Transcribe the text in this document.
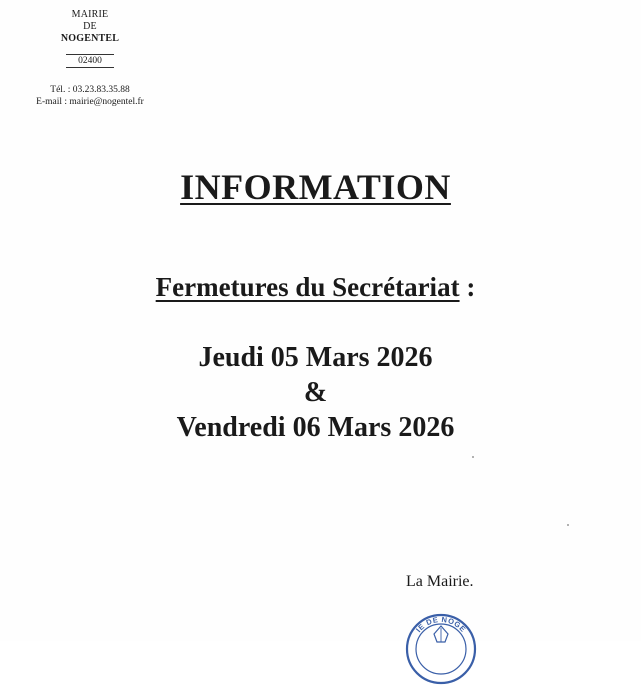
MAIRIE
DE
NOGENTEL
02400
Tél. : 03.23.83.35.88
E-mail : mairie@nogentel.fr
INFORMATION
Fermetures du Secrétariat :
Jeudi 05 Mars 2026
&
Vendredi 06 Mars 2026
La Mairie.
IE DE NOGE
